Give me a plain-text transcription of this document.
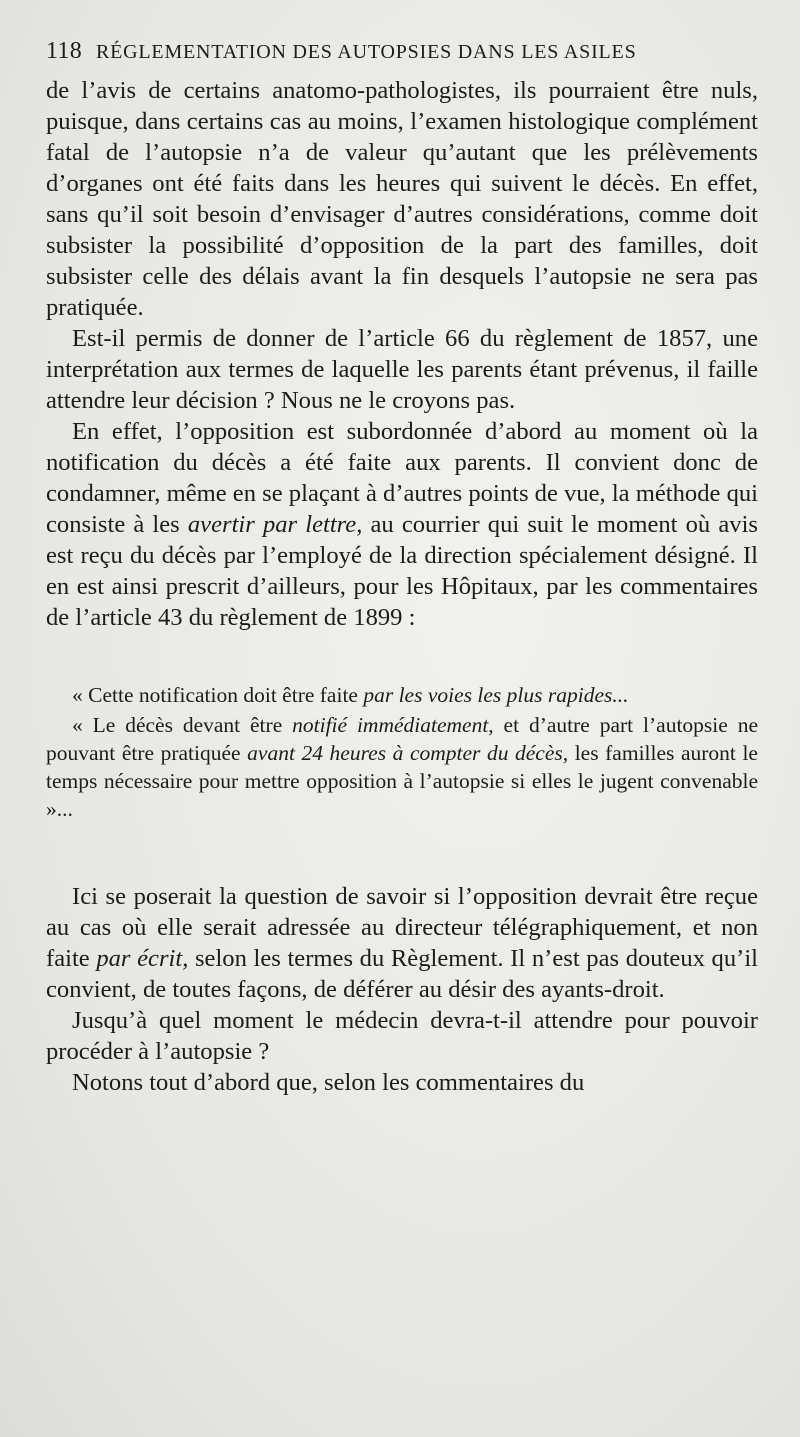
118 RÉGLEMENTATION DES AUTOPSIES DANS LES ASILES

de l’avis de certains anatomo-pathologistes, ils pourraient être nuls, puisque, dans certains cas au moins, l’examen histologique complément fatal de l’autopsie n’a de valeur qu’autant que les prélèvements d’organes ont été faits dans les heures qui suivent le décès. En effet, sans qu’il soit besoin d’envisager d’autres considérations, comme doit subsister la possibilité d’opposition de la part des familles, doit subsister celle des délais avant la fin desquels l’autopsie ne sera pas pratiquée.

Est-il permis de donner de l’article 66 du règlement de 1857, une interprétation aux termes de laquelle les parents étant prévenus, il faille attendre leur décision ? Nous ne le croyons pas.

En effet, l’opposition est subordonnée d’abord au moment où la notification du décès a été faite aux parents. Il convient donc de condamner, même en se plaçant à d’autres points de vue, la méthode qui consiste à les avertir par lettre, au courrier qui suit le moment où avis est reçu du décès par l’employé de la direction spécialement désigné. Il en est ainsi prescrit d’ailleurs, pour les Hôpitaux, par les commentaires de l’article 43 du règlement de 1899 :

« Cette notification doit être faite par les voies les plus rapides...

« Le décès devant être notifié immédiatement, et d’autre part l’autopsie ne pouvant être pratiquée avant 24 heures à compter du décès, les familles auront le temps nécessaire pour mettre opposition à l’autopsie si elles le jugent convenable »...

Ici se poserait la question de savoir si l’opposition devrait être reçue au cas où elle serait adressée au directeur télégraphiquement, et non faite par écrit, selon les termes du Règlement. Il n’est pas douteux qu’il convient, de toutes façons, de déférer au désir des ayants-droit.

Jusqu’à quel moment le médecin devra-t-il attendre pour pouvoir procéder à l’autopsie ?

Notons tout d’abord que, selon les commentaires du
